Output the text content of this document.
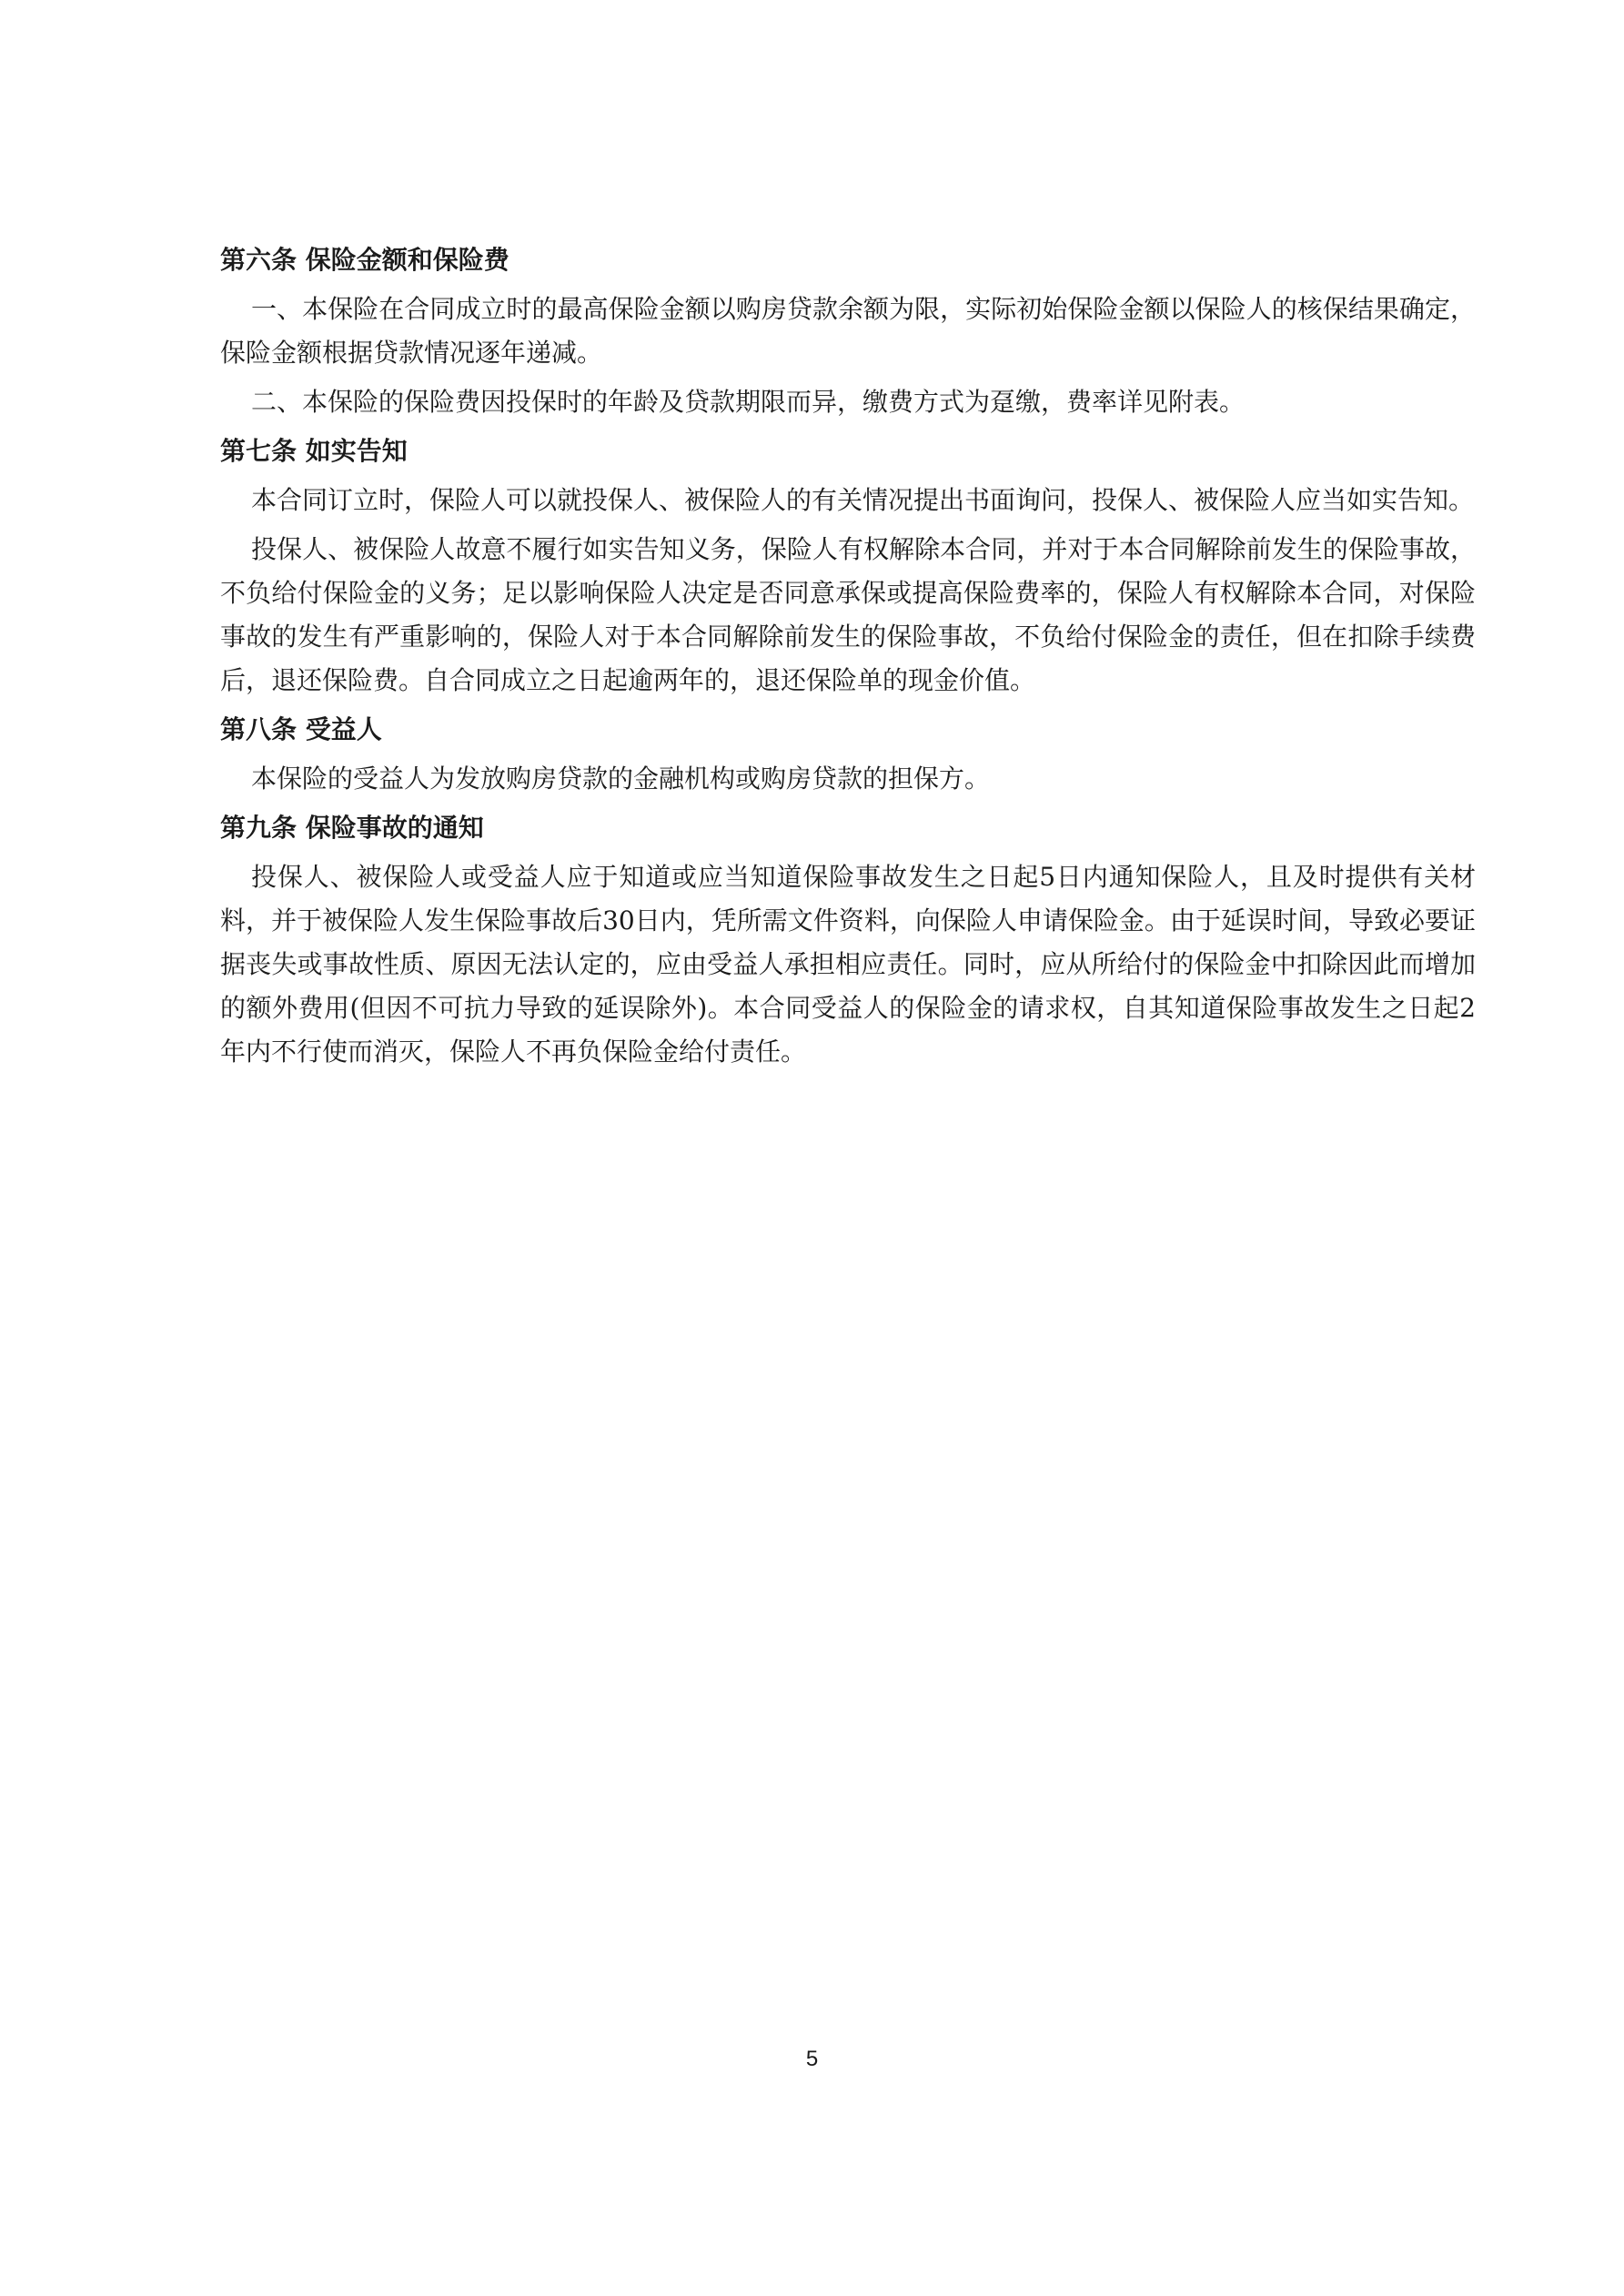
第六条 保险金额和保险费

一、本保险在合同成立时的最高保险金额以购房贷款余额为限，实际初始保险金额以保险人的核保结果确定，保险金额根据贷款情况逐年递减。

二、本保险的保险费因投保时的年龄及贷款期限而异，缴费方式为趸缴，费率详见附表。

第七条 如实告知

本合同订立时，保险人可以就投保人、被保险人的有关情况提出书面询问，投保人、被保险人应当如实告知。

投保人、被保险人故意不履行如实告知义务，保险人有权解除本合同，并对于本合同解除前发生的保险事故，不负给付保险金的义务；足以影响保险人决定是否同意承保或提高保险费率的，保险人有权解除本合同，对保险事故的发生有严重影响的，保险人对于本合同解除前发生的保险事故，不负给付保险金的责任，但在扣除手续费后，退还保险费。自合同成立之日起逾两年的，退还保险单的现金价值。

第八条 受益人

本保险的受益人为发放购房贷款的金融机构或购房贷款的担保方。

第九条 保险事故的通知

投保人、被保险人或受益人应于知道或应当知道保险事故发生之日起5日内通知保险人，且及时提供有关材料，并于被保险人发生保险事故后30日内，凭所需文件资料，向保险人申请保险金。由于延误时间，导致必要证据丧失或事故性质、原因无法认定的，应由受益人承担相应责任。同时，应从所给付的保险金中扣除因此而增加的额外费用(但因不可抗力导致的延误除外)。本合同受益人的保险金的请求权，自其知道保险事故发生之日起2年内不行使而消灭，保险人不再负保险金给付责任。

5
